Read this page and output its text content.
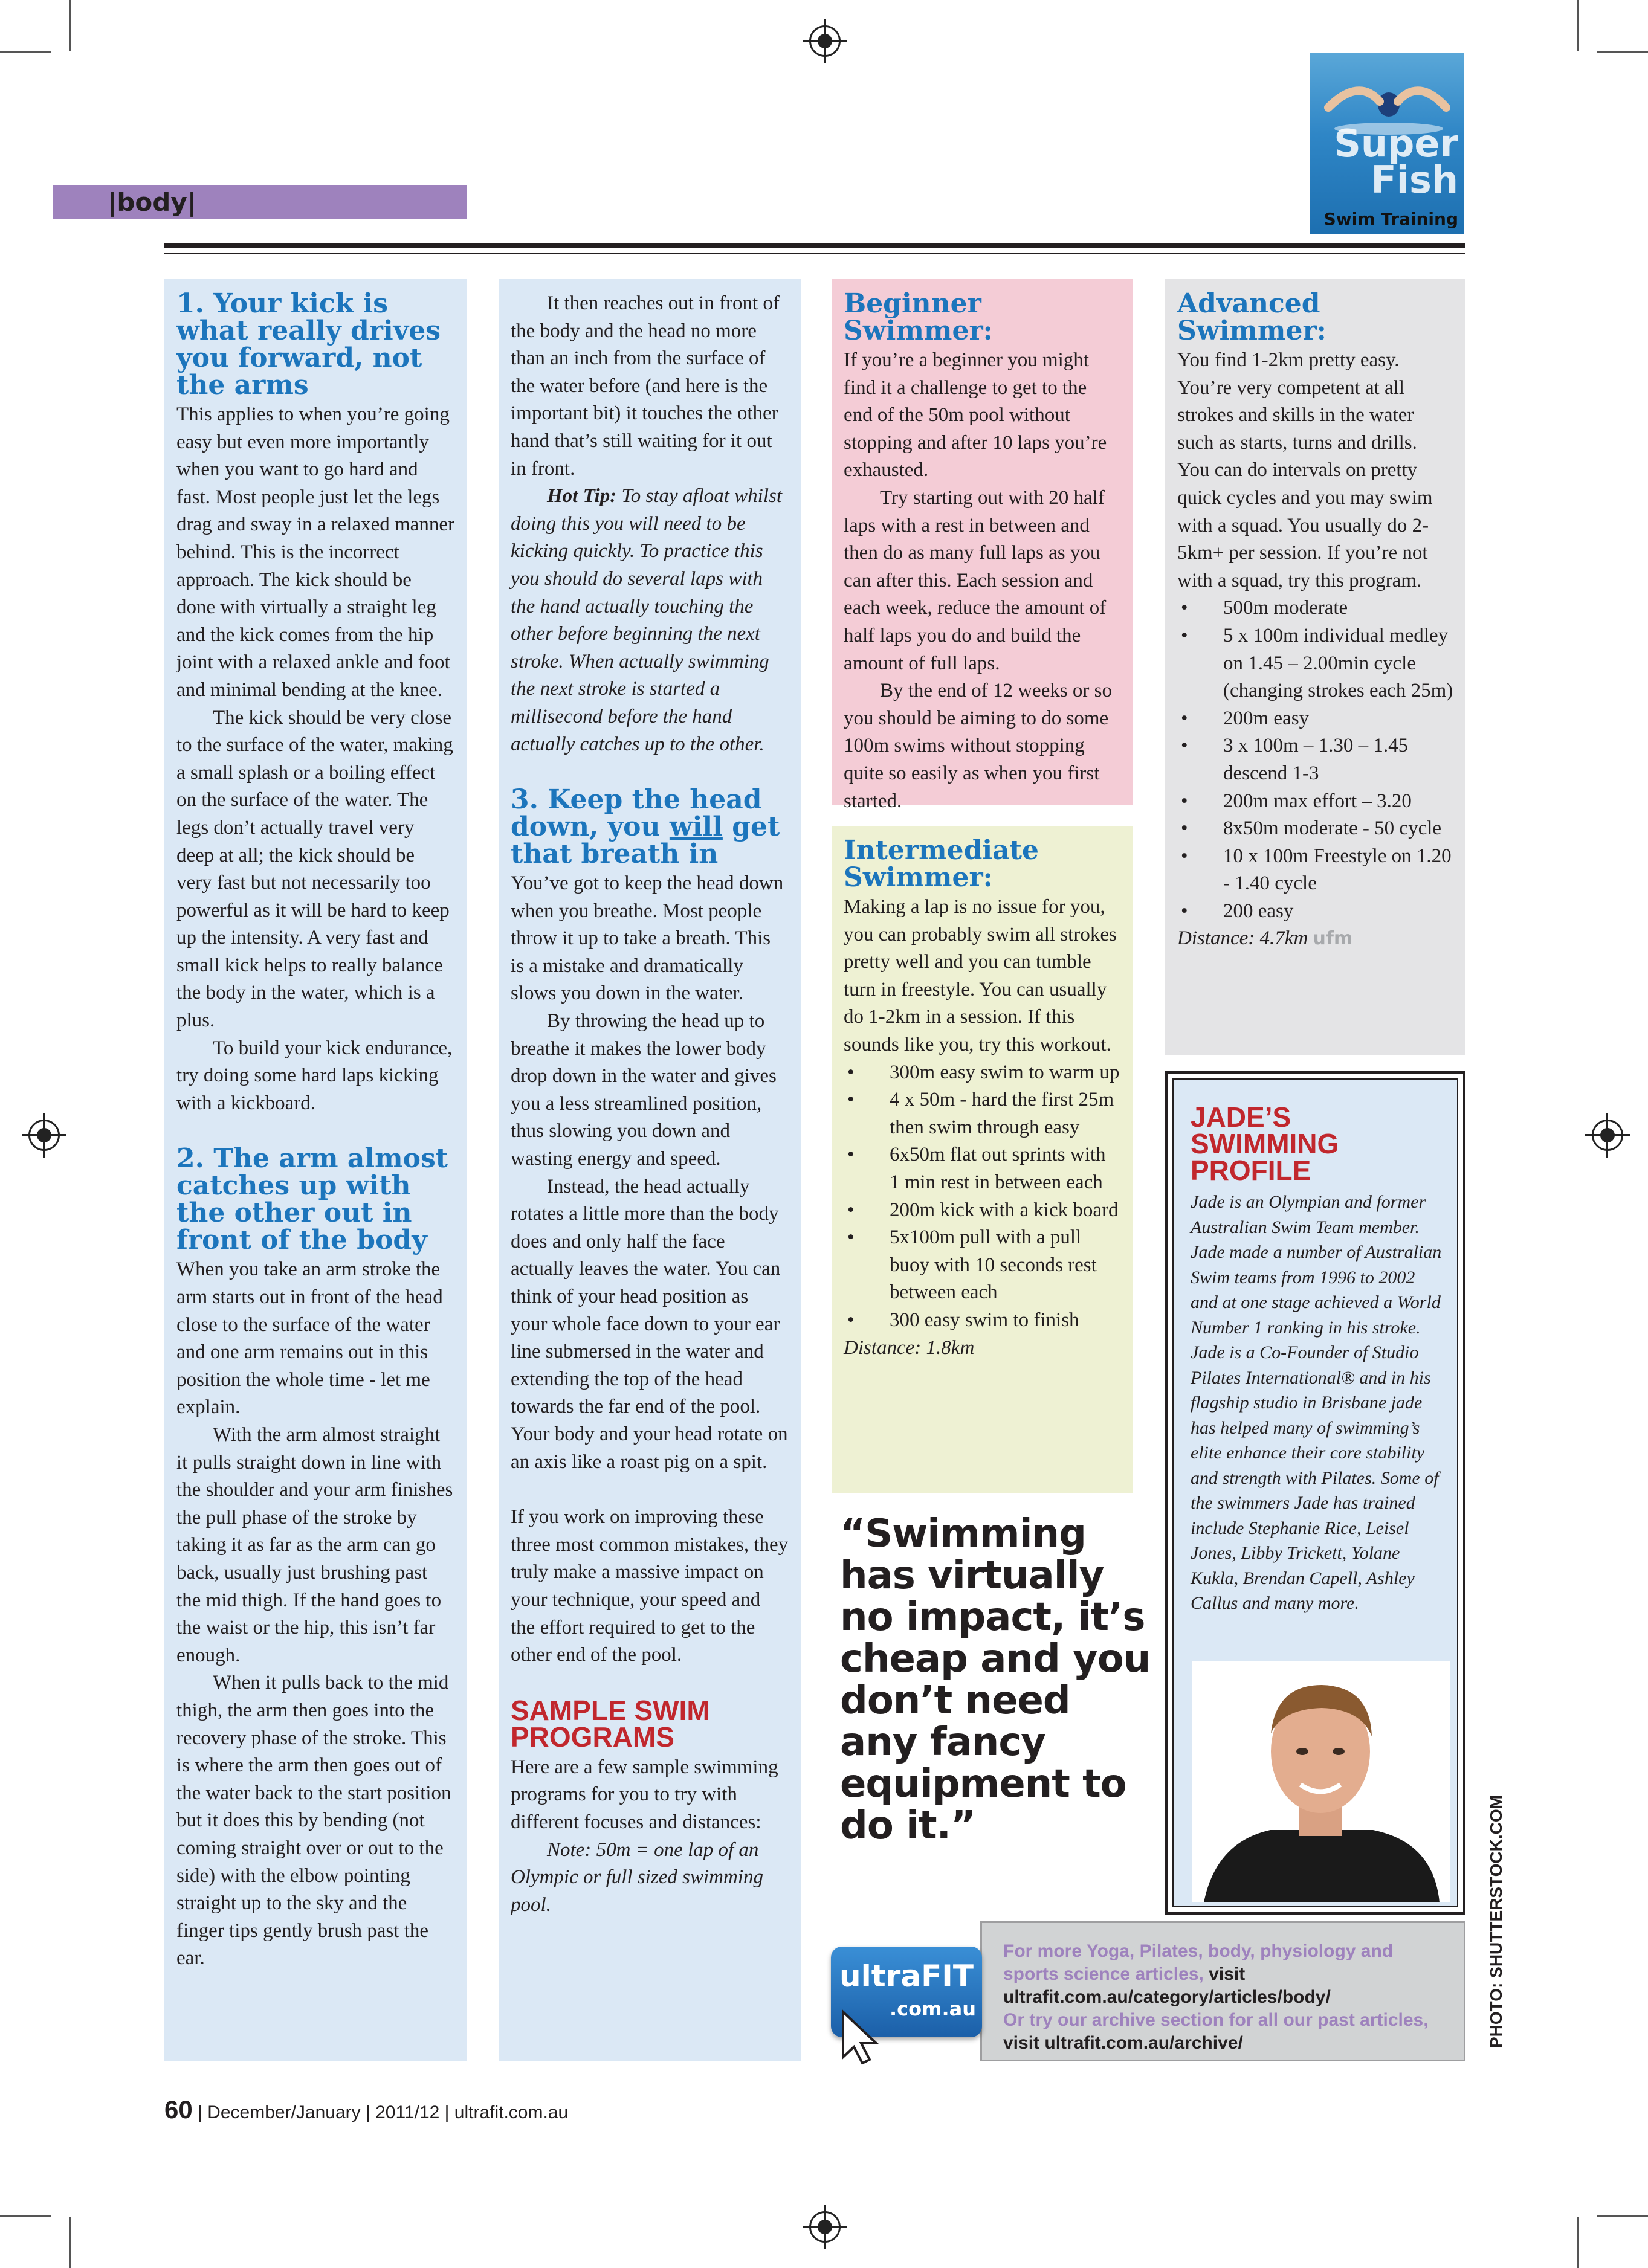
|body|
Super
Fish
Swim Training
1. Your kick is what really drives you forward, not the arms

This applies to when you’re going easy but even more importantly when you want to go hard and fast. Most people just let the legs drag and sway in a relaxed manner behind. This is the incorrect approach. The kick should be done with virtually a straight leg and the kick comes from the hip joint with a relaxed ankle and foot and minimal bending at the knee.

The kick should be very close to the surface of the water, making a small splash or a boiling effect on the surface of the water. The legs don’t actually travel very deep at all; the kick should be very fast but not necessarily too powerful as it will be hard to keep up the intensity. A very fast and small kick helps to really balance the body in the water, which is a plus.

To build your kick endurance, try doing some hard laps kicking with a kickboard.

2. The arm almost catches up with the other out in front of the body

When you take an arm stroke the arm starts out in front of the head close to the surface of the water and one arm remains out in this position the whole time - let me explain.

With the arm almost straight it pulls straight down in line with the shoulder and your arm finishes the pull phase of the stroke by taking it as far as the arm can go back, usually just brushing past the mid thigh. If the hand goes to the waist or the hip, this isn’t far enough.

When it pulls back to the mid thigh, the arm then goes into the recovery phase of the stroke. This is where the arm then goes out of the water back to the start position but it does this by bending (not coming straight over or out to the side) with the elbow pointing straight up to the sky and the finger tips gently brush past the ear.

It then reaches out in front of the body and the head no more than an inch from the surface of the water before (and here is the important bit) it touches the other hand that’s still waiting for it out in front.

Hot Tip: To stay afloat whilst doing this you will need to be kicking quickly. To practice this you should do several laps with the hand actually touching the other before beginning the next stroke. When actually swimming the next stroke is started a millisecond before the hand actually catches up to the other.

3. Keep the head down, you will get that breath in

You’ve got to keep the head down when you breathe. Most people throw it up to take a breath. This is a mistake and dramatically slows you down in the water.

By throwing the head up to breathe it makes the lower body drop down in the water and gives you a less streamlined position, thus slowing you down and wasting energy and speed.

Instead, the head actually rotates a little more than the body does and only half the face actually leaves the water. You can think of your head position as your whole face down to your ear line submersed in the water and extending the top of the head towards the far end of the pool. Your body and your head rotate on an axis like a roast pig on a spit.

If you work on improving these three most common mistakes, they truly make a massive impact on your technique, your speed and the effort required to get to the other end of the pool.

SAMPLE SWIM PROGRAMS

Here are a few sample swimming programs for you to try with different focuses and distances:

Note: 50m = one lap of an Olympic or full sized swimming pool.

Beginner Swimmer:

If you’re a beginner you might find it a challenge to get to the end of the 50m pool without stopping and after 10 laps you’re exhausted.

Try starting out with 20 half laps with a rest in between and then do as many full laps as you can after this. Each session and each week, reduce the amount of half laps you do and build the amount of full laps.

By the end of 12 weeks or so you should be aiming to do some 100m swims without stopping quite so easily as when you first started.

Intermediate Swimmer:

Making a lap is no issue for you, you can probably swim all strokes pretty well and you can tumble turn in freestyle. You can usually do 1-2km in a session. If this sounds like you, try this workout.

• 300m easy swim to warm up
• 4 x 50m - hard the first 25m then swim through easy
• 6x50m flat out sprints with 1 min rest in between each
• 200m kick with a kick board
• 5x100m pull with a pull buoy with 10 seconds rest between each
• 300 easy swim to finish

Distance: 1.8km

Advanced Swimmer:

You find 1-2km pretty easy. You’re very competent at all strokes and skills in the water such as starts, turns and drills. You can do intervals on pretty quick cycles and you may swim with a squad. You usually do 2-5km+ per session. If you’re not with a squad, try this program.

• 500m moderate
• 5 x 100m individual medley on 1.45 – 2.00min cycle (changing strokes each 25m)
• 200m easy
• 3 x 100m – 1.30 – 1.45 descend 1-3
• 200m max effort – 3.20
• 8x50m moderate - 50 cycle
• 10 x 100m Freestyle on 1.20 - 1.40 cycle
• 200 easy

Distance: 4.7km ufm

JADE’S
SWIMMING
PROFILE

Jade is an Olympian and former Australian Swim Team member. Jade made a number of Australian Swim teams from 1996 to 2002 and at one stage achieved a World Number 1 ranking in his stroke. Jade is a Co-Founder of Studio Pilates International® and in his flagship studio in Brisbane jade has helped many of swimming’s elite enhance their core stability and strength with Pilates. Some of the swimmers Jade has trained include Stephanie Rice, Leisel Jones, Libby Trickett, Yolane Kukla, Brendan Capell, Ashley Callus and many more.

“Swimming has virtually no impact, it’s cheap and you don’t need any fancy equipment to do it.”
For more Yoga, Pilates, body, physiology and sports science articles, visit ultrafit.com.au/category/articles/body/
Or try our archive section for all our past articles, visit ultrafit.com.au/archive/
ultraFIT
.com.au	PHOTO: SHUTTERSTOCK.COM
60 | December/January | 2011/12 | ultrafit.com.au
